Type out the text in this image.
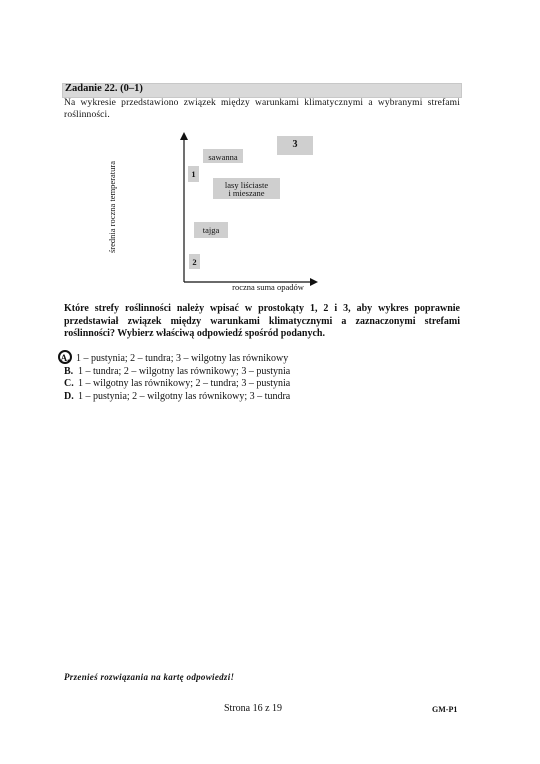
Zadanie 22. (0–1)
Na wykresie przedstawiono związek między warunkami klimatycznymi a wybranymi strefami roślinności.
3
sawanna
1
lasy liściaste
i mieszane
tajga
2
średnia roczna temperatura
roczna suma opadów
Które strefy roślinności należy wpisać w prostokąty 1, 2 i 3, aby wykres poprawnie przedstawiał związek między warunkami klimatycznymi a zaznaczonymi strefami roślinności? Wybierz właściwą odpowiedź spośród podanych.
A. 1 – pustynia; 2 – tundra; 3 – wilgotny las równikowy
B. 1 – tundra; 2 – wilgotny las równikowy; 3 – pustynia
C. 1 – wilgotny las równikowy; 2 – tundra; 3 – pustynia
D. 1 – pustynia; 2 – wilgotny las równikowy; 3 – tundra
Przenieś rozwiązania na kartę odpowiedzi!
Strona 16 z 19	GM-P1
